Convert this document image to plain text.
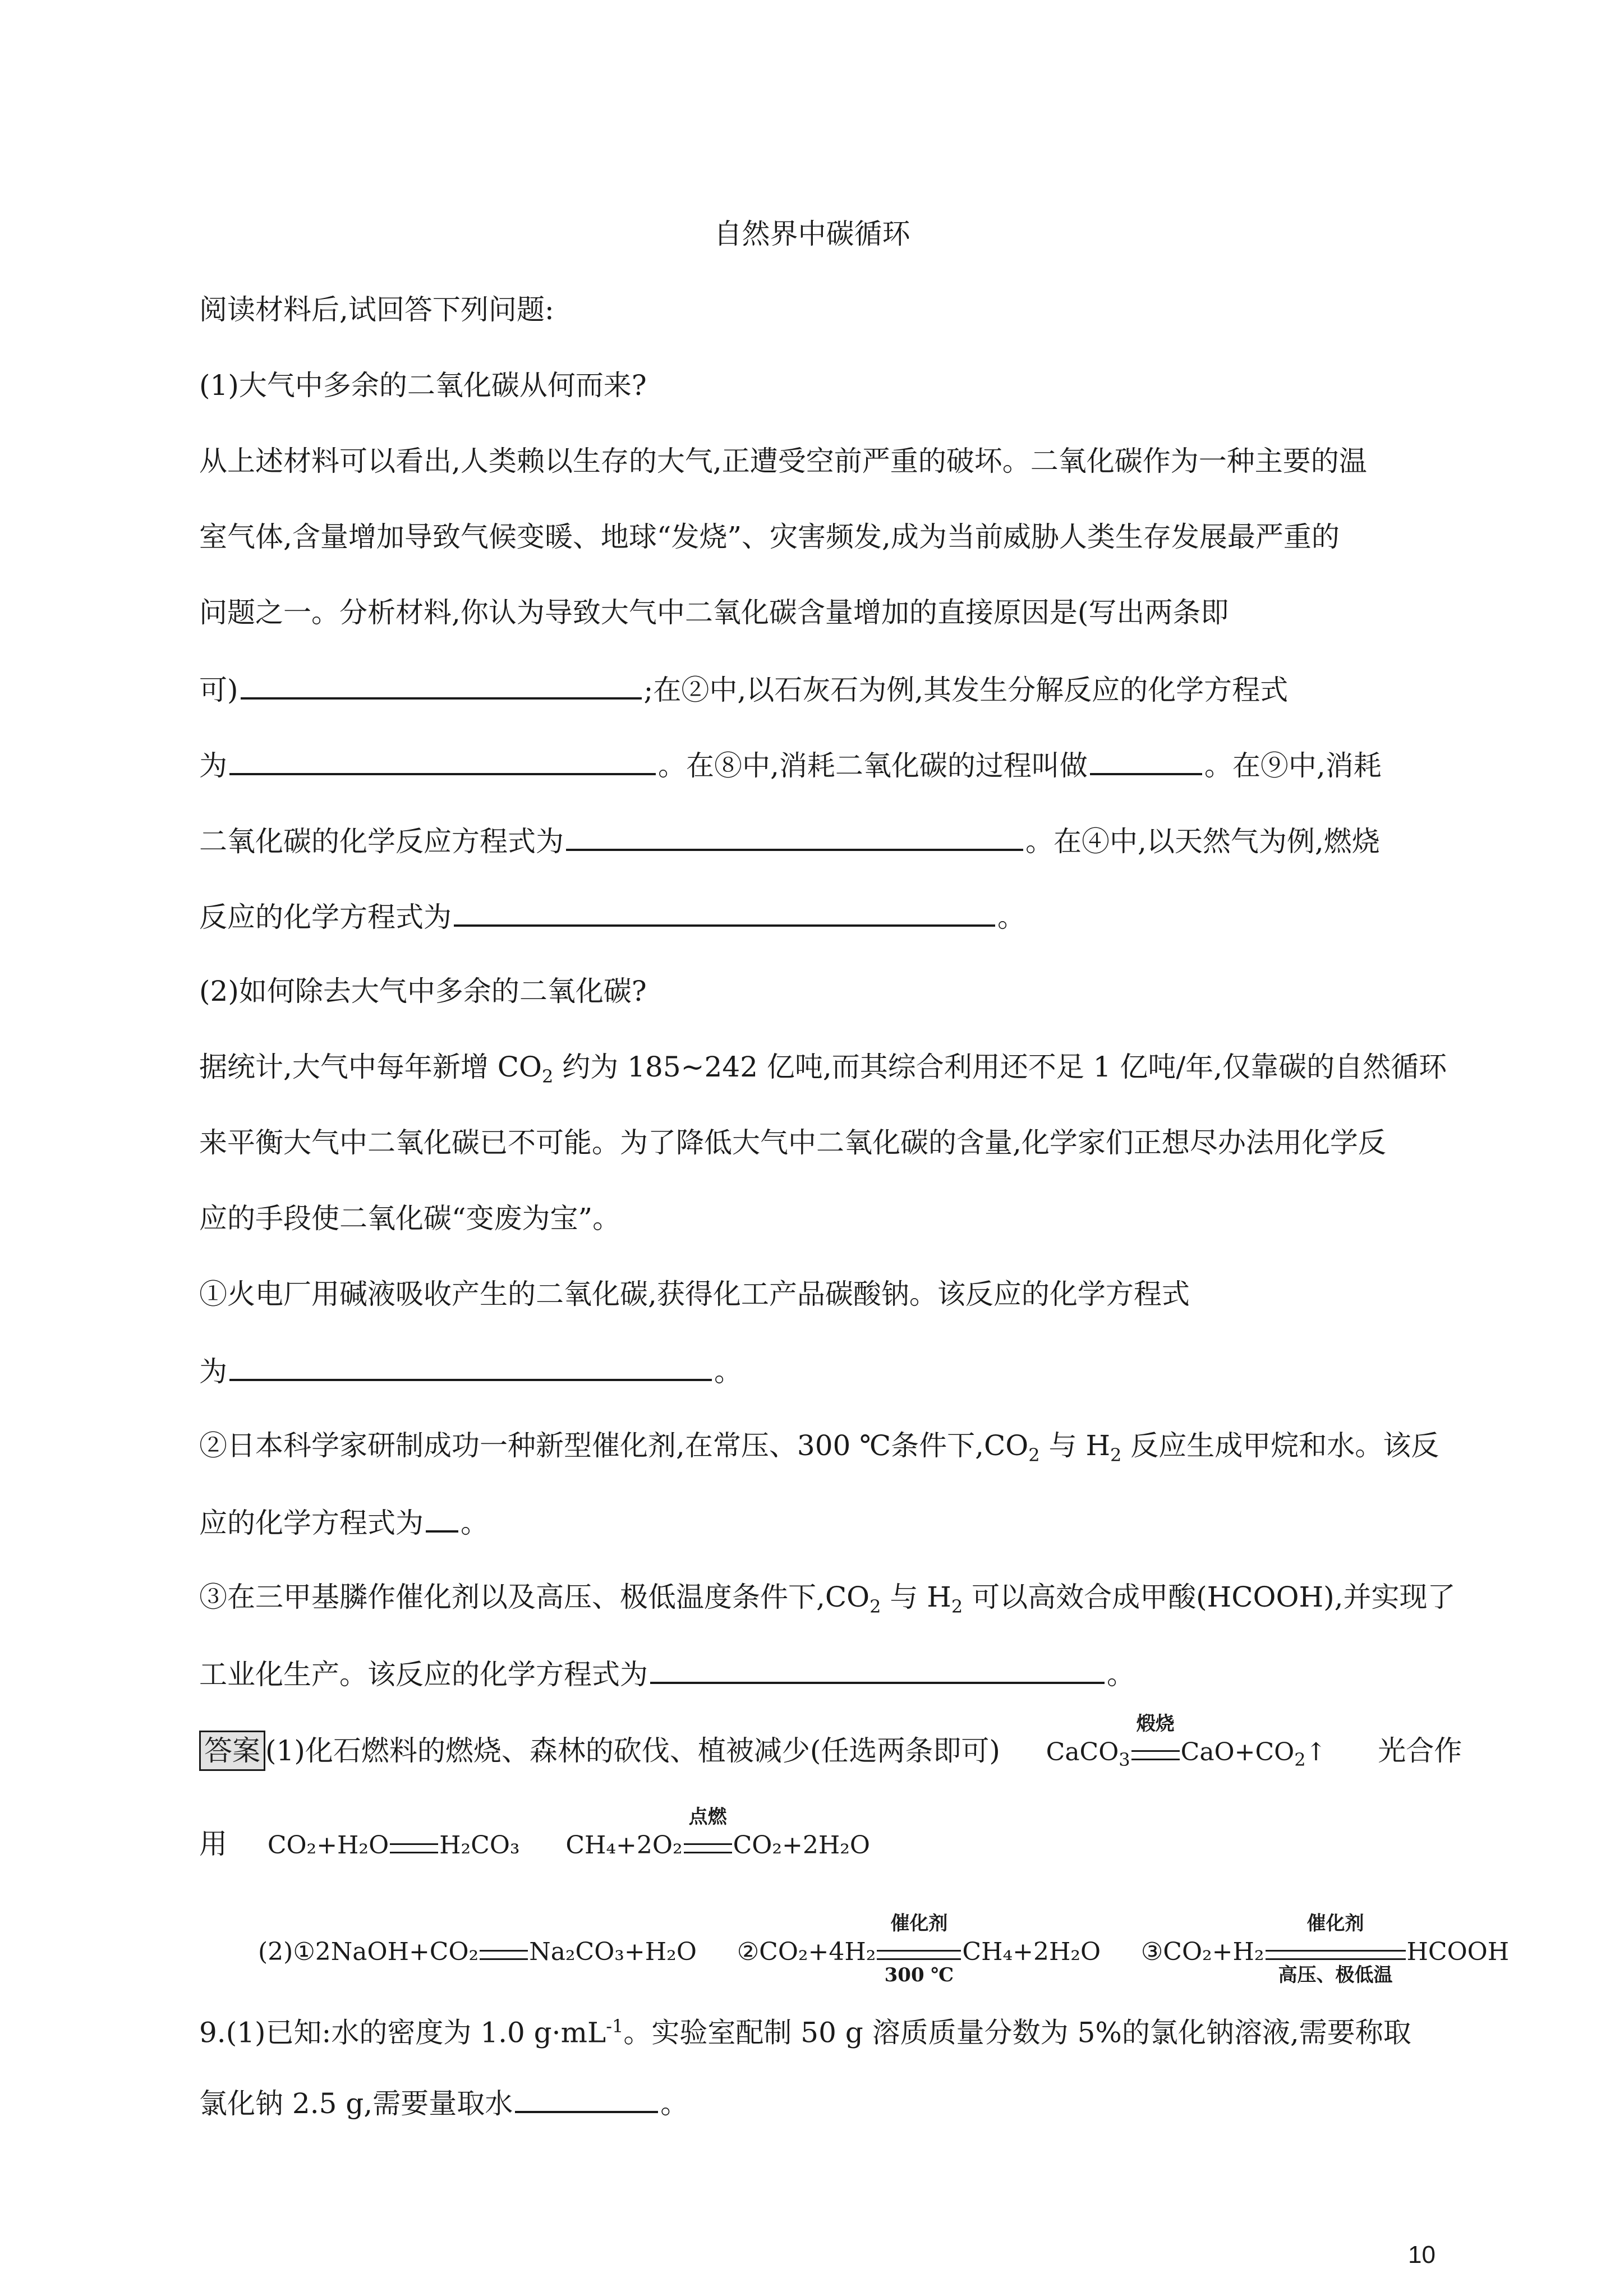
自然界中碳循环
阅读材料后,试回答下列问题:
(1)大气中多余的二氧化碳从何而来?
从上述材料可以看出,人类赖以生存的大气,正遭受空前严重的破坏。二氧化碳作为一种主要的温
室气体,含量增加导致气候变暖、地球“发烧”、灾害频发,成为当前威胁人类生存发展最严重的
问题之一。分析材料,你认为导致大气中二氧化碳含量增加的直接原因是(写出两条即
可)	;在②中,以石灰石为例,其发生分解反应的化学方程式
为	。在⑧中,消耗二氧化碳的过程叫做	。在⑨中,消耗
二氧化碳的化学反应方程式为	。在④中,以天然气为例,燃烧
反应的化学方程式为	。
(2)如何除去大气中多余的二氧化碳?
据统计,大气中每年新增 $CO_2$ 约为 185~242 亿吨,而其综合利用还不足 1 亿吨/年,仅靠碳的自然循环
来平衡大气中二氧化碳已不可能。为了降低大气中二氧化碳的含量,化学家们正想尽办法用化学反
应的手段使二氧化碳“变废为宝”。
①火电厂用碱液吸收产生的二氧化碳,获得化工产品碳酸钠。该反应的化学方程式
为	。
②日本科学家研制成功一种新型催化剂,在常压、300 ℃条件下$,CO_2$ 与 $H_2$ 反应生成甲烷和水。该反
应的化学方程式为 。
③在三甲基膦作催化剂以及高压、极低温度条件下$,CO_2$ 与 $H_2$ 可以高效合成甲酸(HCOOH),并实现了
工业化生产。该反应的化学方程式为	。
答案 (1)化石燃料的燃烧、森林的砍伐、植被减少(任选两条即可) CaCO$_3$
煅烧
$CaO+CO_2↑$ 光合作
用 CO₂+H₂O H₂CO₃ CH₄+2O₂
点燃
CO₂+2H₂O
(2)①2NaOH+CO₂ Na₂CO₃+H₂O ②CO₂+4H₂
催化剂
300 ℃
CH₄+2H₂O ③CO₂+H₂
催化剂
高压、极低温
HCOOH
9.(1)已知:水的密度为 1.0 $g\cdot mL^{-1}$。实验室配制 50 g 溶质质量分数为 5%的氯化钠溶液,需要称取
氯化钠 2.5 g,需要量取水	。
10
